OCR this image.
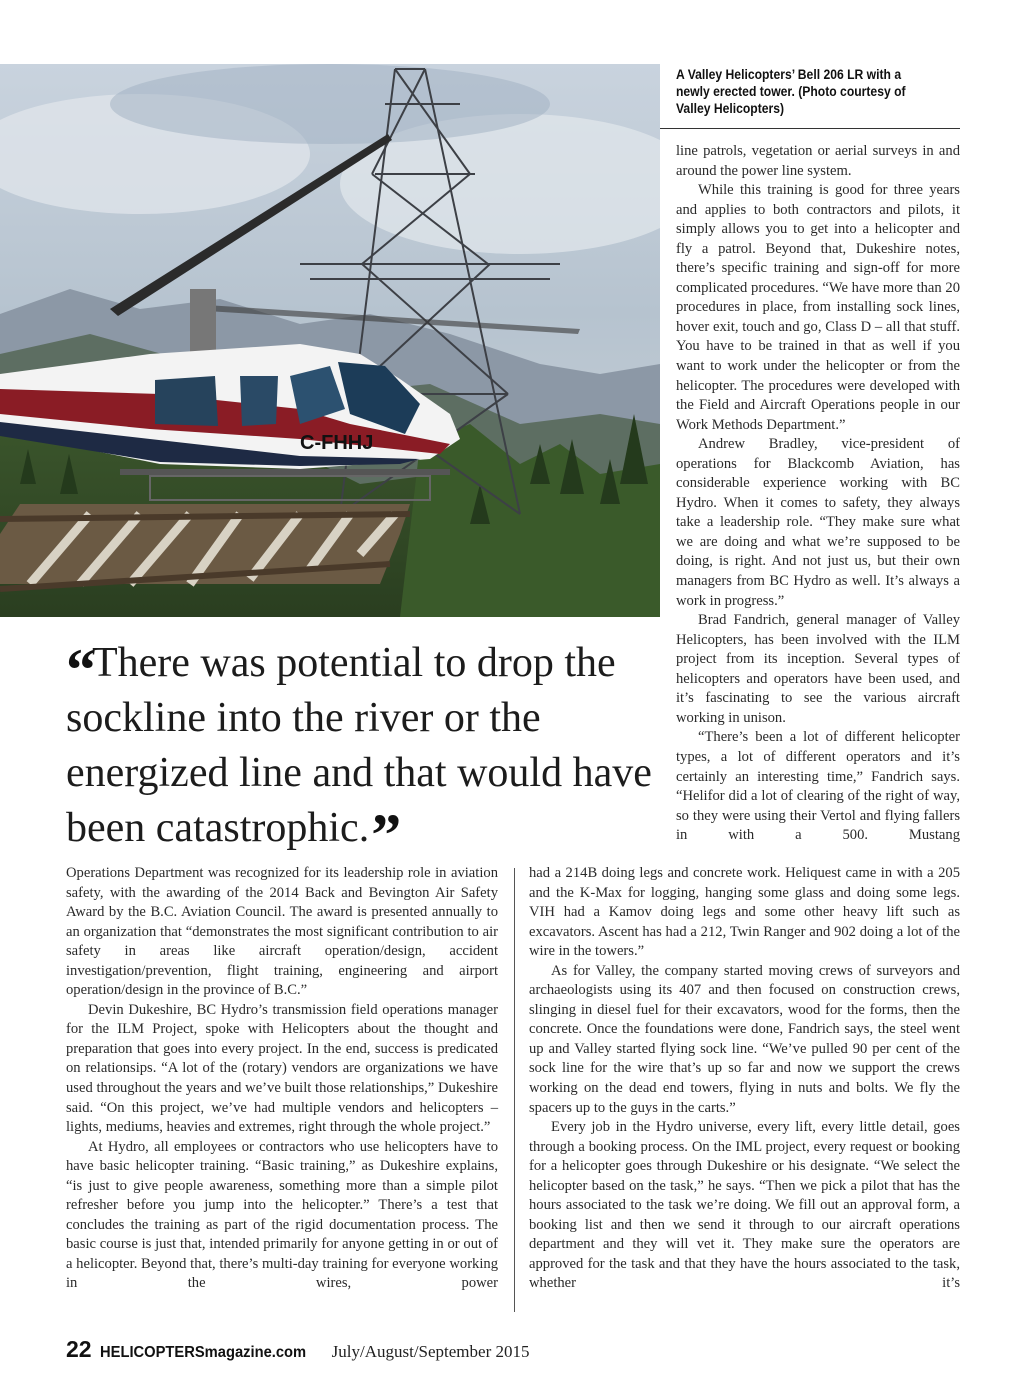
C-FHHJ
A Valley Helicopters’ Bell 206 LR with a newly erected tower. (Photo courtesy of Valley Helicopters)

line patrols, vegetation or aerial surveys in and around the power line system.

While this training is good for three years and applies to both contractors and pilots, it simply allows you to get into a helicopter and fly a patrol. Beyond that, Dukeshire notes, there’s specific training and sign-off for more complicated procedures. “We have more than 20 procedures in place, from installing sock lines, hover exit, touch and go, Class D – all that stuff. You have to be trained in that as well if you want to work under the helicopter or from the helicopter. The procedures were developed with the Field and Aircraft Operations people in our Work Methods Department.”

Andrew Bradley, vice-president of operations for Blackcomb Aviation, has considerable experience working with BC Hydro. When it comes to safety, they always take a leadership role. “They make sure what we are doing and what we’re supposed to be doing, is right. And not just us, but their own managers from BC Hydro as well. It’s always a work in progress.”

Brad Fandrich, general manager of Valley Helicopters, has been involved with the ILM project from its inception. Several types of helicopters and operators have been used, and it’s fascinating to see the various aircraft working in unison.

“There’s been a lot of different helicopter types, a lot of different operators and it’s certainly an interesting time,” Fandrich says. “Helifor did a lot of clearing of the right of way, so they were using their Vertol and flying fallers in with a 500. Mustang

“There was potential to drop the sockline into the river or the energized line and that would have been catastrophic.”

Operations Department was recognized for its leadership role in aviation safety, with the awarding of the 2014 Back and Bevington Air Safety Award by the B.C. Aviation Council. The award is presented annually to an organization that “demonstrates the most significant contribution to air safety in areas like aircraft operation/design, accident investigation/prevention, flight training, engineering and airport operation/design in the province of B.C.”

Devin Dukeshire, BC Hydro’s transmission field operations manager for the ILM Project, spoke with Helicopters about the thought and preparation that goes into every project. In the end, success is predicated on relationsips. “A lot of the (rotary) vendors are organizations we have used throughout the years and we’ve built those relationships,” Dukeshire said. “On this project, we’ve had multiple vendors and helicopters – lights, mediums, heavies and extremes, right through the whole project.”

At Hydro, all employees or contractors who use helicopters have to have basic helicopter training. “Basic training,” as Dukeshire explains, “is just to give people awareness, something more than a simple pilot refresher before you jump into the helicopter.” There’s a test that concludes the training as part of the rigid documentation process. The basic course is just that, intended primarily for anyone getting in or out of a helicopter. Beyond that, there’s multi-day training for everyone working in the wires, power

had a 214B doing legs and concrete work. Heliquest came in with a 205 and the K-Max for logging, hanging some glass and doing some legs. VIH had a Kamov doing legs and some other heavy lift such as excavators. Ascent has had a 212, Twin Ranger and 902 doing a lot of the wire in the towers.”

As for Valley, the company started moving crews of surveyors and archaeologists using its 407 and then focused on construction crews, slinging in diesel fuel for their excavators, wood for the forms, then the concrete. Once the foundations were done, Fandrich says, the steel went up and Valley started flying sock line. “We’ve pulled 90 per cent of the sock line for the wire that’s up so far and now we support the crews working on the dead end towers, flying in nuts and bolts. We fly the spacers up to the guys in the carts.”

Every job in the Hydro universe, every lift, every little detail, goes through a booking process. On the IML project, every request or booking for a helicopter goes through Dukeshire or his designate. “We select the helicopter based on the task,” he says. “Then we pick a pilot that has the hours associated to the task we’re doing. We fill out an approval form, a booking list and then we send it through to our aircraft operations department and they will vet it. They make sure the operators are approved for the task and that they have the hours associated to the task, whether it’s

22 HELICOPTERSmagazine.com July/August/September 2015
